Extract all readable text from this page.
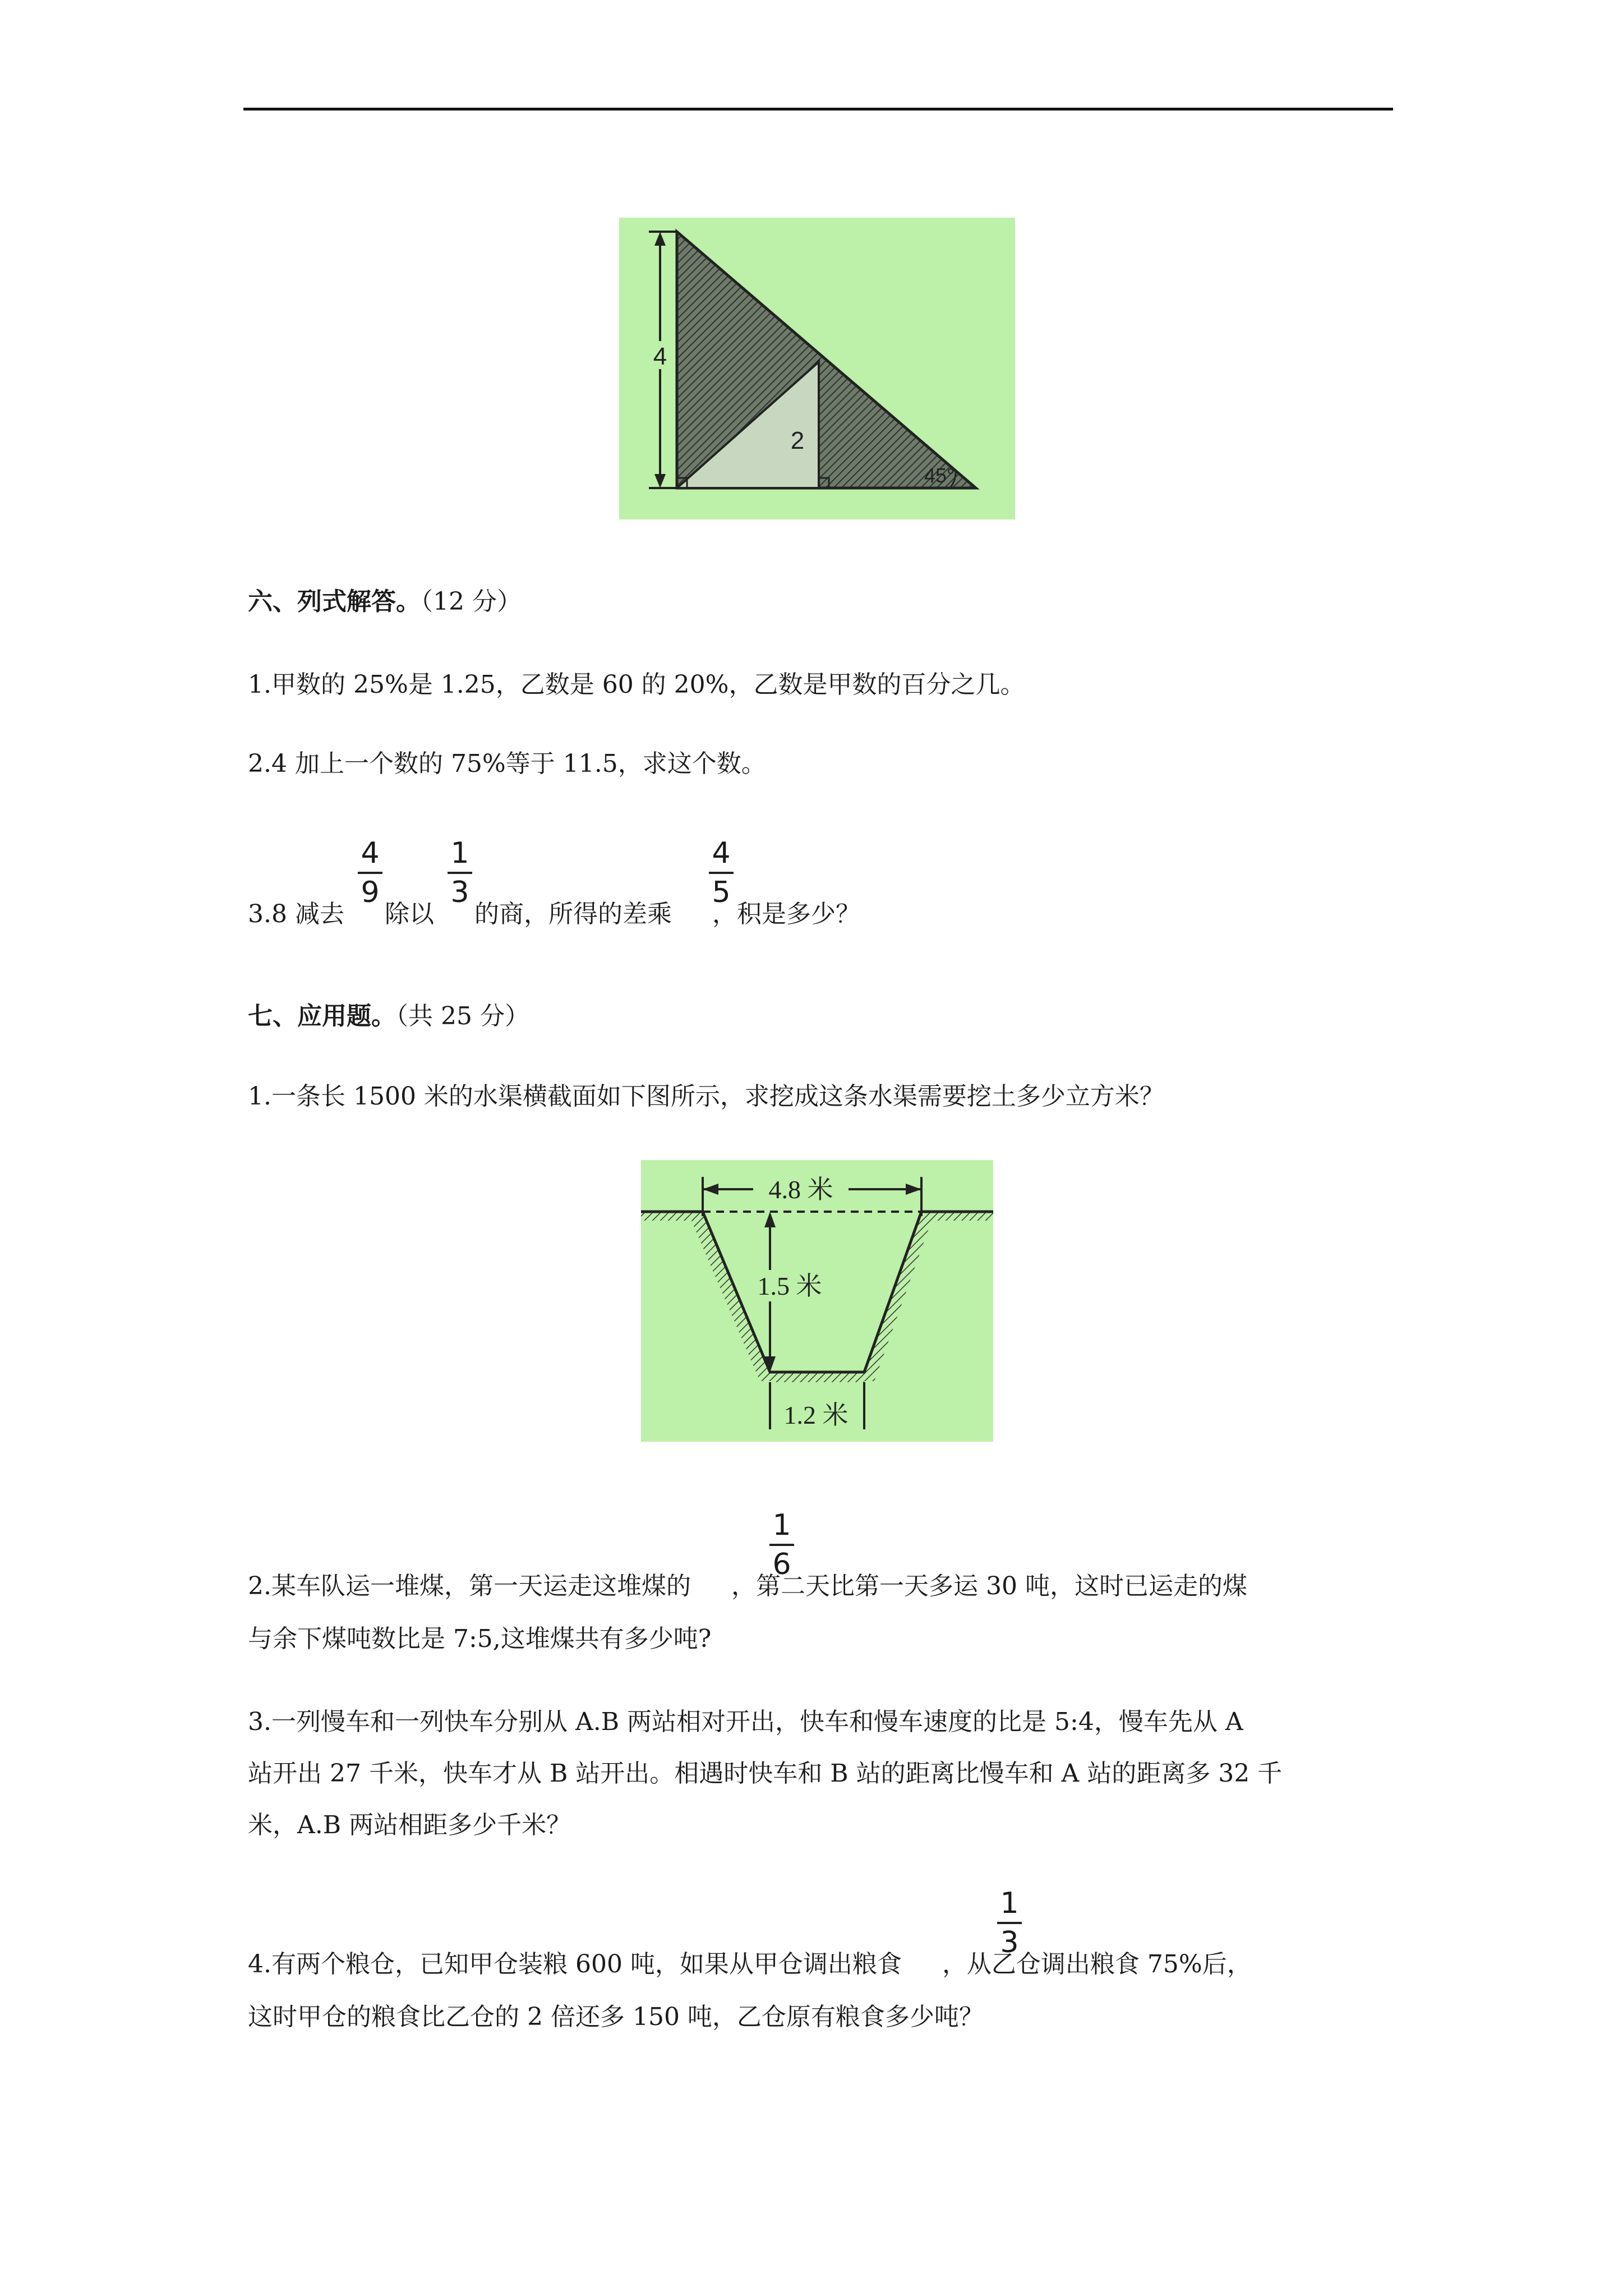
4
2
45°
六、列式解答。（12 分）
1.甲数的 25%是 1.25，乙数是 60 的 20%，乙数是甲数的百分之几。
2.4 加上一个数的 75%等于 11.5，求这个数。
3.8 减去 除以 的商，所得的差乘 ，积是多少？
4
9
1
3
4
5
七、应用题。（共 25 分）
1.一条长 1500 米的水渠横截面如下图所示，求挖成这条水渠需要挖土多少立方米？
4.8 米
1.5 米
1.2 米
2.某车队运一堆煤，第一天运走这堆煤的 ，第二天比第一天多运 30 吨，这时已运走的煤
1
6
与余下煤吨数比是 7:5,这堆煤共有多少吨?
3.一列慢车和一列快车分别从 A.B 两站相对开出，快车和慢车速度的比是 5:4，慢车先从 A
站开出 27 千米，快车才从 B 站开出。相遇时快车和 B 站的距离比慢车和 A 站的距离多 32 千
米，A.B 两站相距多少千米？
4.有两个粮仓，已知甲仓装粮 600 吨，如果从甲仓调出粮食 ，从乙仓调出粮食 75%后，
1
3
这时甲仓的粮食比乙仓的 2 倍还多 150 吨，乙仓原有粮食多少吨？
